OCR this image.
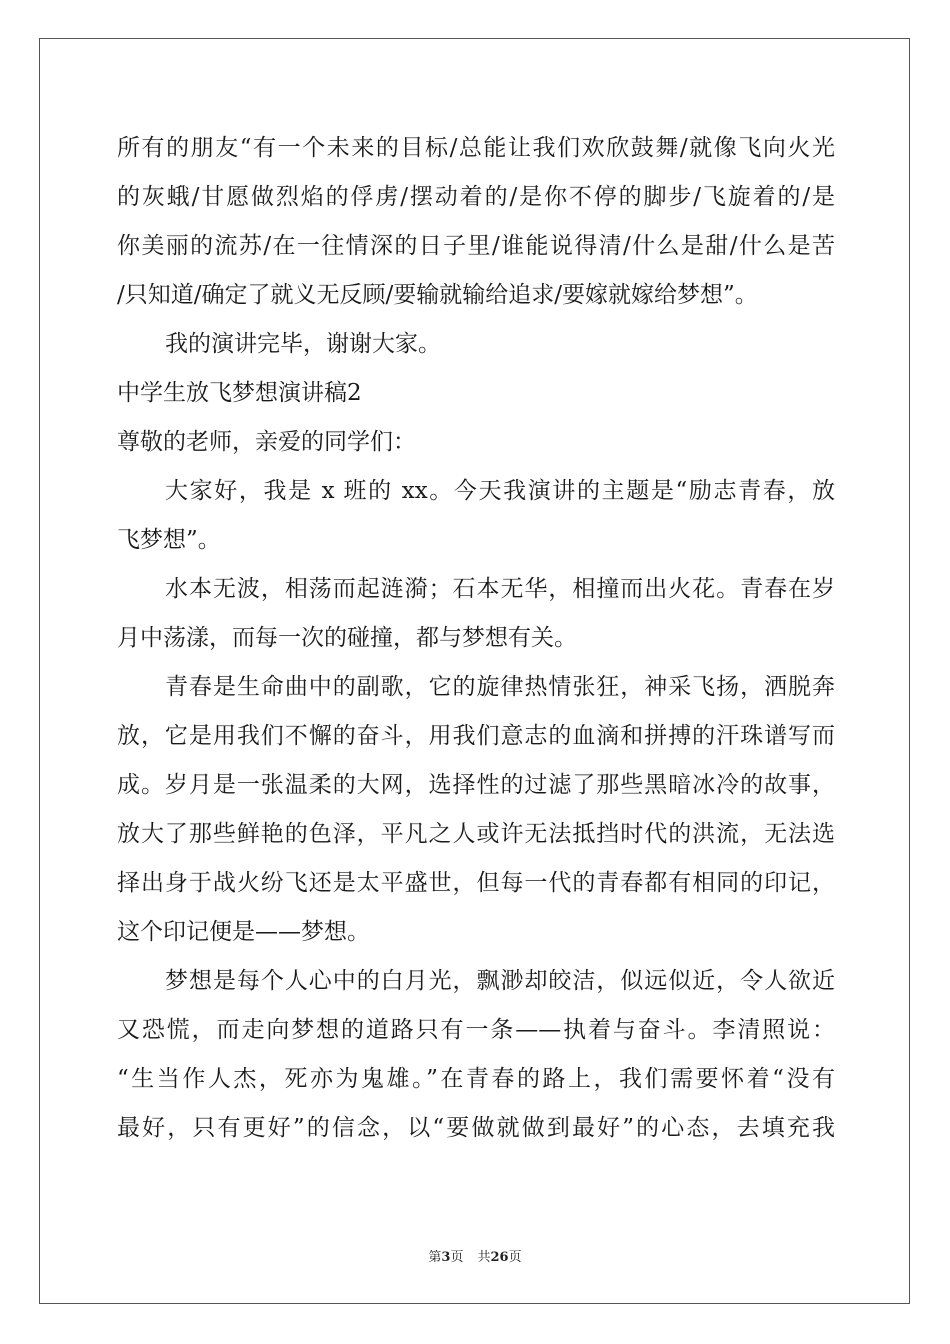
所有的朋友“有一个未来的目标/总能让我们欢欣鼓舞/就像飞向火光
的灰蛾/甘愿做烈焰的俘虏/摆动着的/是你不停的脚步/飞旋着的/是
你美丽的流苏/在一往情深的日子里/谁能说得清/什么是甜/什么是苦
/只知道/确定了就义无反顾/要输就输给追求/要嫁就嫁给梦想”。
我的演讲完毕，谢谢大家。
中学生放飞梦想演讲稿2
尊敬的老师，亲爱的同学们：
大家好，我是 x 班的 xx。今天我演讲的主题是“励志青春，放
飞梦想”。
水本无波，相荡而起涟漪；石本无华，相撞而出火花。青春在岁
月中荡漾，而每一次的碰撞，都与梦想有关。
青春是生命曲中的副歌，它的旋律热情张狂，神采飞扬，洒脱奔
放，它是用我们不懈的奋斗，用我们意志的血滴和拼搏的汗珠谱写而
成。岁月是一张温柔的大网，选择性的过滤了那些黑暗冰冷的故事，
放大了那些鲜艳的色泽，平凡之人或许无法抵挡时代的洪流，无法选
择出身于战火纷飞还是太平盛世，但每一代的青春都有相同的印记，
这个印记便是——梦想。
梦想是每个人心中的白月光，飘渺却皎洁，似远似近，令人欲近
又恐慌，而走向梦想的道路只有一条——执着与奋斗。李清照说：
“生当作人杰，死亦为鬼雄。”在青春的路上，我们需要怀着“没有
最好，只有更好”的信念，以“要做就做到最好”的心态，去填充我
第3页 共26页
